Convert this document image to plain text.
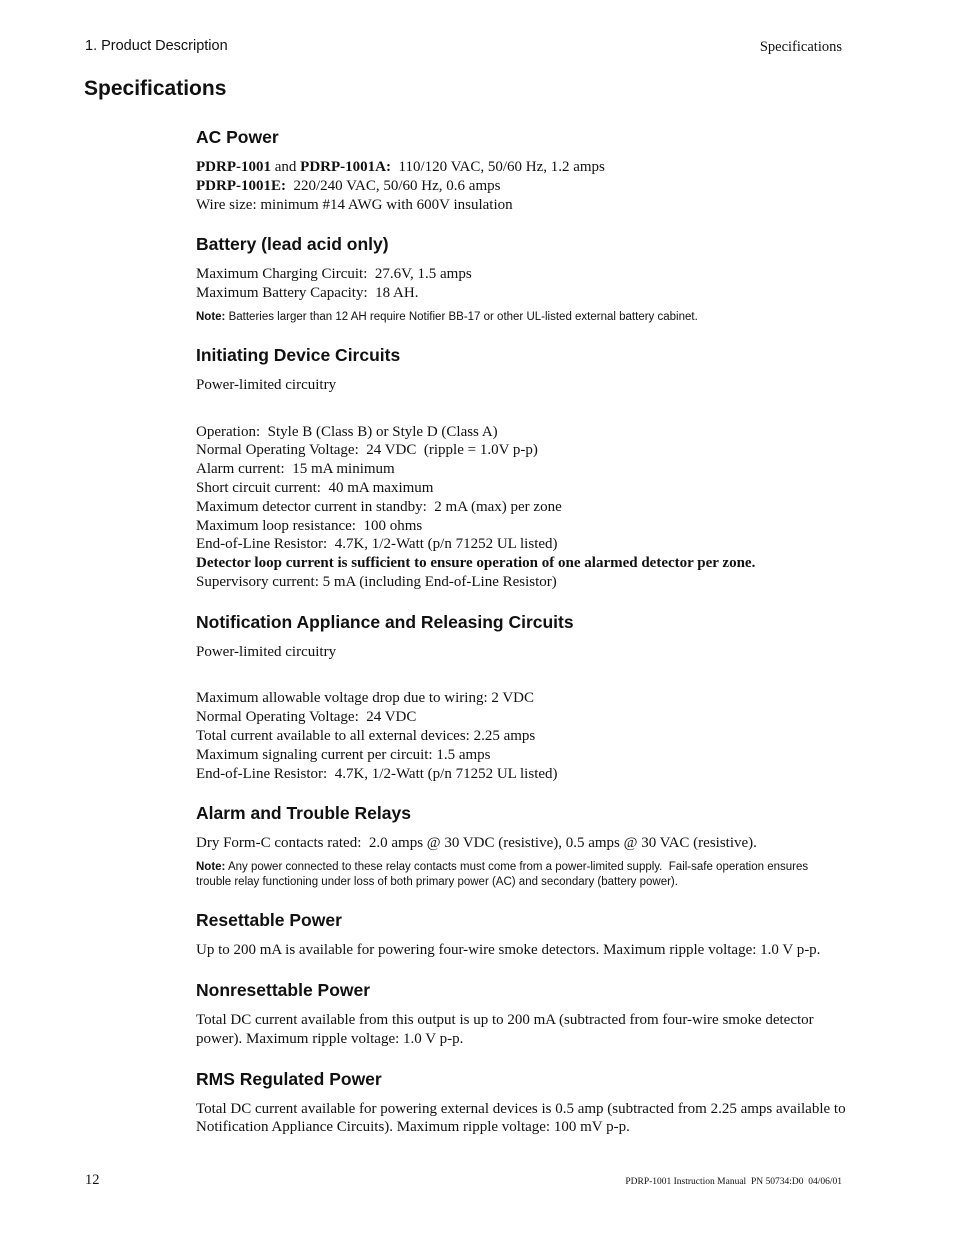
1. Product Description	Specifications
Specifications
AC Power
PDRP-1001 and PDRP-1001A:  110/120 VAC, 50/60 Hz, 1.2 amps
PDRP-1001E:  220/240 VAC, 50/60 Hz, 0.6 amps
Wire size: minimum #14 AWG with 600V insulation
Battery (lead acid only)
Maximum Charging Circuit:  27.6V, 1.5 amps
Maximum Battery Capacity:  18 AH.
Note: Batteries larger than 12 AH require Notifier BB-17 or other UL-listed external battery cabinet.
Initiating Device Circuits
Power-limited circuitry

Operation:  Style B (Class B) or Style D (Class A)
Normal Operating Voltage:  24 VDC  (ripple = 1.0V p-p)
Alarm current:  15 mA minimum
Short circuit current:  40 mA maximum
Maximum detector current in standby:  2 mA (max) per zone
Maximum loop resistance:  100 ohms
End-of-Line Resistor:  4.7K, 1/2-Watt (p/n 71252 UL listed)
Detector loop current is sufficient to ensure operation of one alarmed detector per zone.
Supervisory current: 5 mA (including End-of-Line Resistor)
Notification Appliance and Releasing Circuits
Power-limited circuitry

Maximum allowable voltage drop due to wiring: 2 VDC
Normal Operating Voltage:  24 VDC
Total current available to all external devices: 2.25 amps
Maximum signaling current per circuit: 1.5 amps
End-of-Line Resistor:  4.7K, 1/2-Watt (p/n 71252 UL listed)
Alarm and Trouble Relays
Dry Form-C contacts rated:  2.0 amps @ 30 VDC (resistive), 0.5 amps @ 30 VAC (resistive).
Note: Any power connected to these relay contacts must come from a power-limited supply.  Fail-safe operation ensures trouble relay functioning under loss of both primary power (AC) and secondary (battery power).
Resettable Power
Up to 200 mA is available for powering four-wire smoke detectors. Maximum ripple voltage: 1.0 V p-p.
Nonresettable Power
Total DC current available from this output is up to 200 mA (subtracted from four-wire smoke detector power). Maximum ripple voltage: 1.0 V p-p.
RMS Regulated Power
Total DC current available for powering external devices is 0.5 amp (subtracted from 2.25 amps available to Notification Appliance Circuits). Maximum ripple voltage: 100 mV p-p.
12	PDRP-1001 Instruction Manual  PN 50734:D0  04/06/01
